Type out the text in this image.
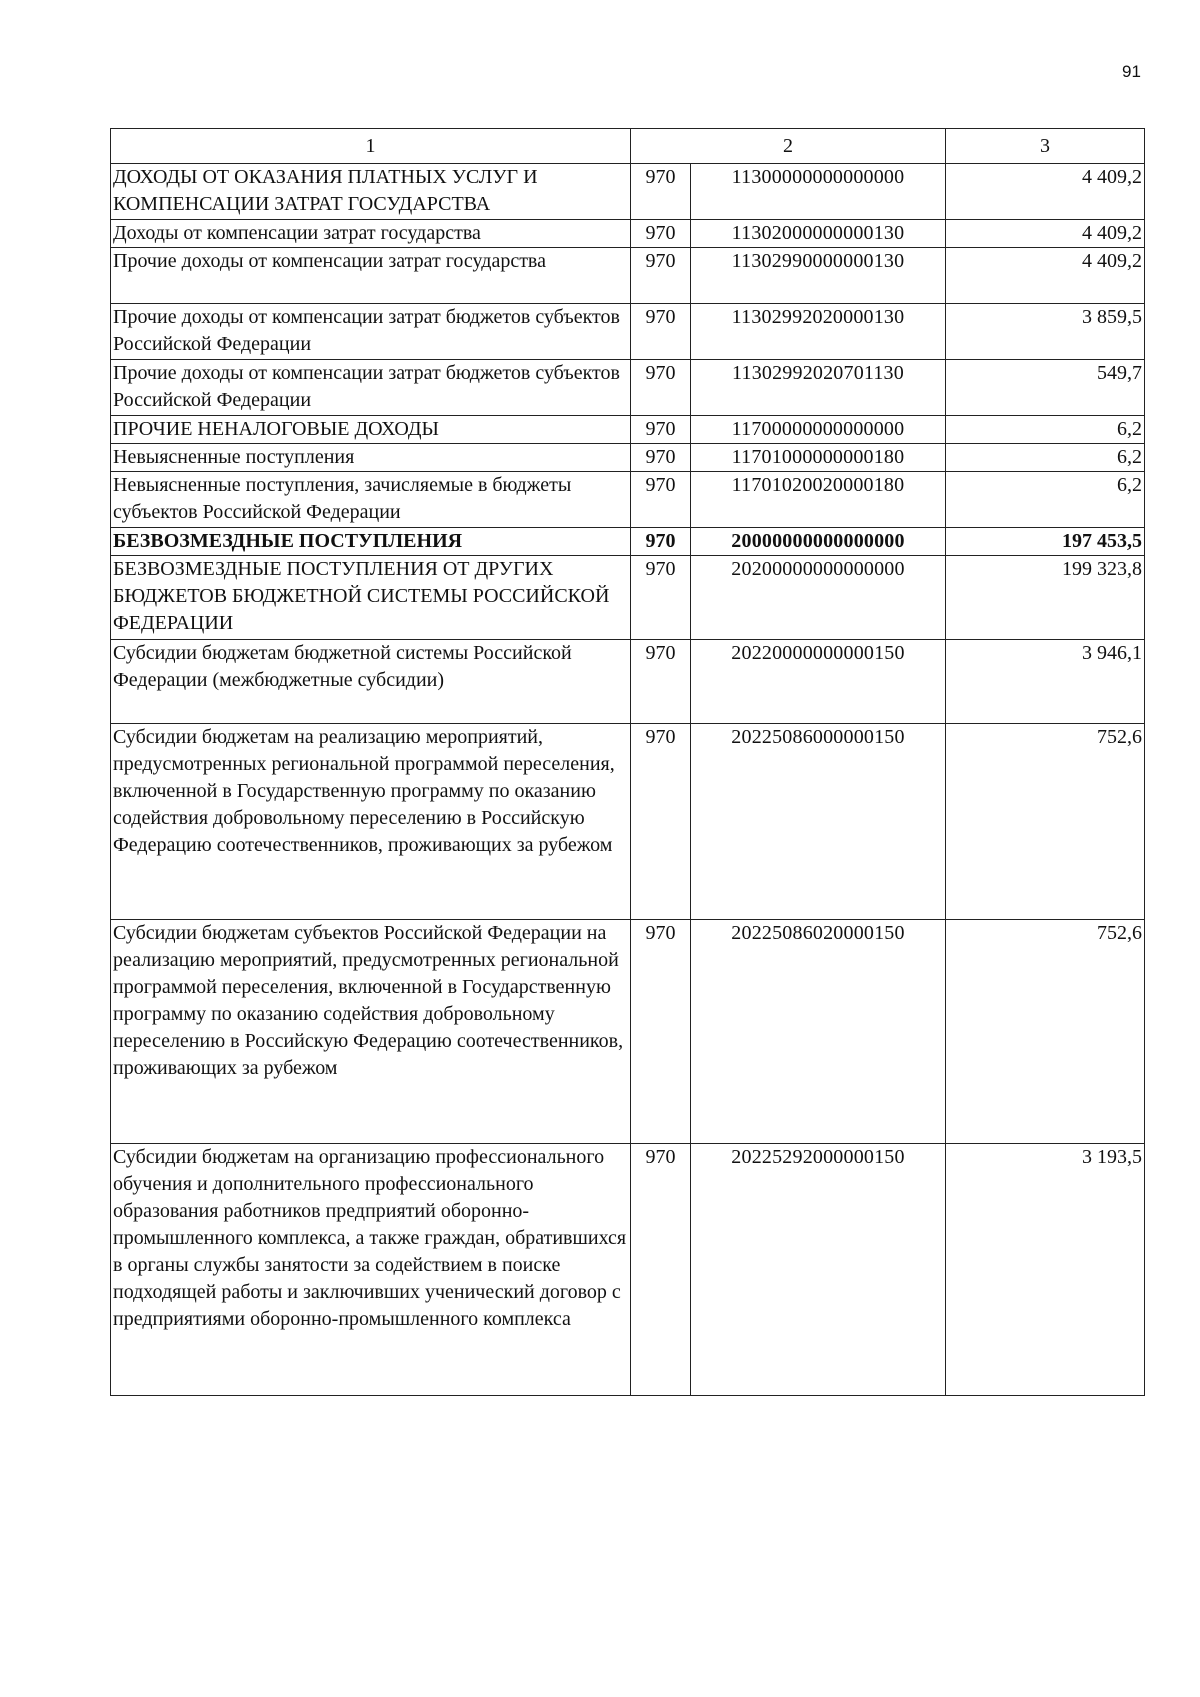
91
1	2		3
ДОХОДЫ ОТ ОКАЗАНИЯ ПЛАТНЫХ УСЛУГ И КОМПЕНСАЦИИ ЗАТРАТ ГОСУДАРСТВА	970	11300000000000000	4 409,2
Доходы от компенсации затрат государства	970	11302000000000130	4 409,2
Прочие доходы от компенсации затрат государства	970	11302990000000130	4 409,2
Прочие доходы от компенсации затрат бюджетов субъектов Российской Федерации	970	11302992020000130	3 859,5
Прочие доходы от компенсации затрат бюджетов субъектов Российской Федерации	970	11302992020701130	549,7
ПРОЧИЕ НЕНАЛОГОВЫЕ ДОХОДЫ	970	11700000000000000	6,2
Невыясненные поступления	970	11701000000000180	6,2
Невыясненные поступления, зачисляемые в бюджеты субъектов Российской Федерации	970	11701020020000180	6,2
БЕЗВОЗМЕЗДНЫЕ ПОСТУПЛЕНИЯ	970	20000000000000000	197 453,5
БЕЗВОЗМЕЗДНЫЕ ПОСТУПЛЕНИЯ ОТ ДРУГИХ БЮДЖЕТОВ БЮДЖЕТНОЙ СИСТЕМЫ РОССИЙСКОЙ ФЕДЕРАЦИИ	970	20200000000000000	199 323,8
Субсидии бюджетам бюджетной системы Российской Федерации (межбюджетные субсидии)	970	20220000000000150	3 946,1
Субсидии бюджетам на реализацию мероприятий, предусмотренных региональной программой переселения, включенной в Государственную программу по оказанию содействия добровольному переселению в Российскую Федерацию соотечественников, проживающих за рубежом	970	20225086000000150	752,6
Субсидии бюджетам субъектов Российской Федерации на реализацию мероприятий, предусмотренных региональной программой переселения, включенной в Государственную программу по оказанию содействия добровольному переселению в Российскую Федерацию соотечественников, проживающих за рубежом	970	20225086020000150	752,6
Субсидии бюджетам на организацию профессионального обучения и дополнительного профессионального образования работников предприятий оборонно-промышленного комплекса, а также граждан, обратившихся в органы службы занятости за содействием в поиске подходящей работы и заключивших ученический договор с предприятиями оборонно-промышленного комплекса	970	20225292000000150	3 193,5
